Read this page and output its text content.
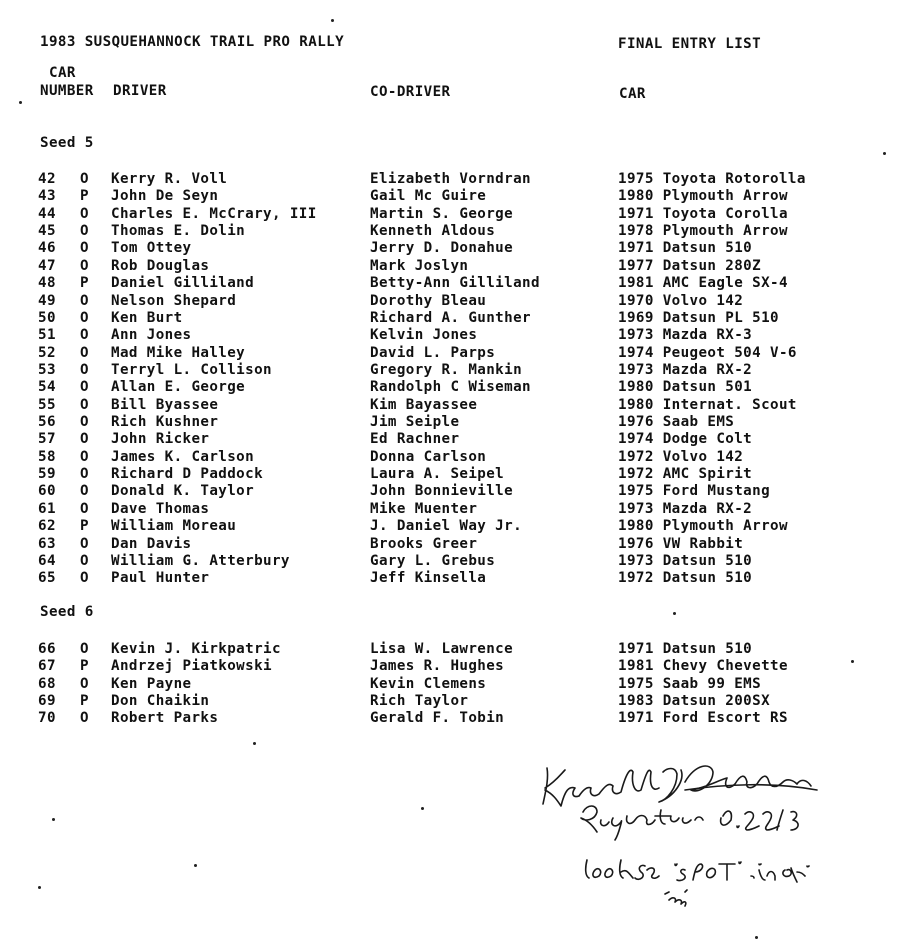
1983 SUSQUEHANNOCK TRAIL PRO RALLY	FINAL ENTRY LIST
CAR
NUMBER DRIVER	CO-DRIVER	CAR
Seed 5
42 O Kerry R. Voll	Elizabeth Vorndran	1975 Toyota Rotorolla
43 P John De Seyn	Gail Mc Guire	1980 Plymouth Arrow
44 O Charles E. McCrary, III	Martin S. George	1971 Toyota Corolla
45 O Thomas E. Dolin	Kenneth Aldous	1978 Plymouth Arrow
46 O Tom Ottey	Jerry D. Donahue	1971 Datsun 510
47 O Rob Douglas	Mark Joslyn	1977 Datsun 280Z
48 P Daniel Gilliland	Betty-Ann Gilliland	1981 AMC Eagle SX-4
49 O Nelson Shepard	Dorothy Bleau	1970 Volvo 142
50 O Ken Burt	Richard A. Gunther	1969 Datsun PL 510
51 O Ann Jones	Kelvin Jones	1973 Mazda RX-3
52 O Mad Mike Halley	David L. Parps	1974 Peugeot 504 V-6
53 O Terryl L. Collison	Gregory R. Mankin	1973 Mazda RX-2
54 O Allan E. George	Randolph C Wiseman	1980 Datsun 501
55 O Bill Byassee	Kim Bayassee	1980 Internat. Scout
56 O Rich Kushner	Jim Seiple	1976 Saab EMS
57 O John Ricker	Ed Rachner	1974 Dodge Colt
58 O James K. Carlson	Donna Carlson	1972 Volvo 142
59 O Richard D Paddock	Laura A. Seipel	1972 AMC Spirit
60 O Donald K. Taylor	John Bonnieville	1975 Ford Mustang
61 O Dave Thomas	Mike Muenter	1973 Mazda RX-2
62 P William Moreau	J. Daniel Way Jr.	1980 Plymouth Arrow
63 O Dan Davis	Brooks Greer	1976 VW Rabbit
64 O William G. Atterbury	Gary L. Grebus	1973 Datsun 510
65 O Paul Hunter	Jeff Kinsella	1972 Datsun 510
Seed 6
66 O Kevin J. Kirkpatric	Lisa W. Lawrence	1971 Datsun 510
67 P Andrzej Piatkowski	James R. Hughes	1981 Chevy Chevette
68 O Ken Payne	Kevin Clemens	1975 Saab 99 EMS
69 P Don Chaikin	Rich Taylor	1983 Datsun 200SX
70 O Robert Parks	Gerald F. Tobin	1971 Ford Escort RS
